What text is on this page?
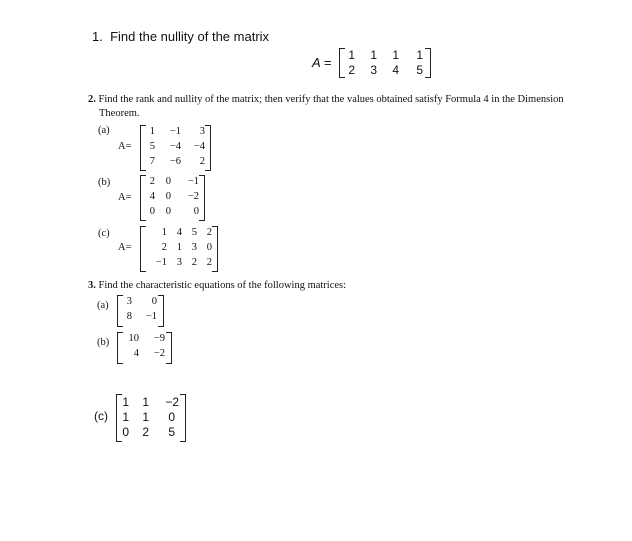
1. Find the nullity of the matrix
A = 1 1 1 1
2 3 4 5
2. Find the rank and nullity of the matrix; then verify that the values obtained satisfy Formula 4 in the Dimension
Theorem.
(a)
A=
1 −1 3
5 −4 −4
7 −6 2
(b)
A=
2 0 −1
4 0 −2
0 0 0
(c)
A=
1 4 5 2
2 1 3 0
−1 3 2 2
3. Find the characteristic equations of the following matrices:
(a) 3 0
8 −1
(b) 10 −9
4 −2
(c)
1 1 −2
1 1 0
0 2 5
